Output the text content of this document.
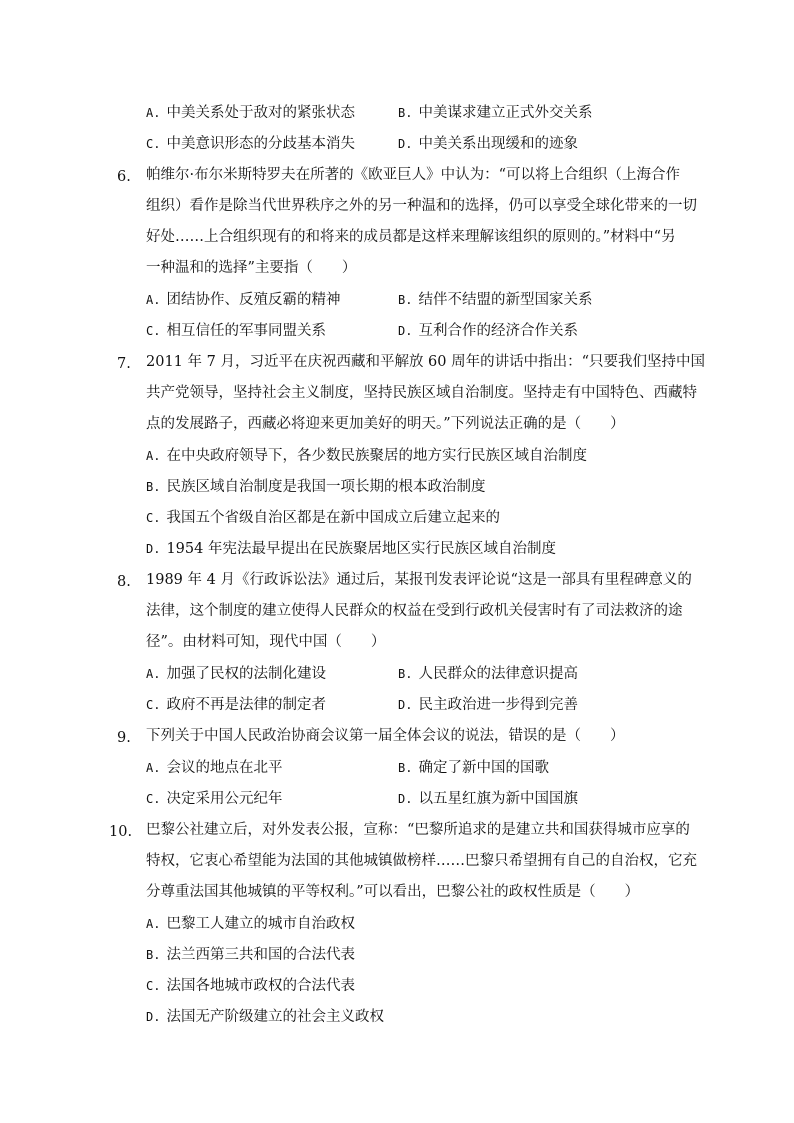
A. 中美关系处于敌对的紧张状态	B. 中美谋求建立正式外交关系
C. 中美意识形态的分歧基本消失	D. 中美关系出现缓和的迹象
6. 帕维尔·布尔米斯特罗夫在所著的《欧亚巨人》中认为：“可以将上合组织（上海合作
组织）看作是除当代世界秩序之外的另一种温和的选择，仍可以享受全球化带来的一切
好处……上合组织现有的和将来的成员都是这样来理解该组织的原则的。”材料中“另
一种温和的选择”主要指（　　）
A. 团结协作、反殖反霸的精神	B. 结伴不结盟的新型国家关系
C. 相互信任的军事同盟关系	D. 互利合作的经济合作关系
7. 2011 年 7 月，习近平在庆祝西藏和平解放 60 周年的讲话中指出：“只要我们坚持中国
共产党领导，坚持社会主义制度，坚持民族区域自治制度。坚持走有中国特色、西藏特
点的发展路子，西藏必将迎来更加美好的明天。”下列说法正确的是（　　）
A. 在中央政府领导下，各少数民族聚居的地方实行民族区域自治制度
B. 民族区域自治制度是我国一项长期的根本政治制度
C. 我国五个省级自治区都是在新中国成立后建立起来的
D. 1954 年宪法最早提出在民族聚居地区实行民族区域自治制度
8. 1989 年 4 月《行政诉讼法》通过后，某报刊发表评论说“这是一部具有里程碑意义的
法律，这个制度的建立使得人民群众的权益在受到行政机关侵害时有了司法救济的途
径”。由材料可知，现代中国（　　）
A. 加强了民权的法制化建设	B. 人民群众的法律意识提高
C. 政府不再是法律的制定者	D. 民主政治进一步得到完善
9. 下列关于中国人民政治协商会议第一届全体会议的说法，错误的是（　　）
A. 会议的地点在北平	B. 确定了新中国的国歌
C. 决定采用公元纪年	D. 以五星红旗为新中国国旗
10. 巴黎公社建立后，对外发表公报，宣称：“巴黎所追求的是建立共和国获得城市应享的
特权，它衷心希望能为法国的其他城镇做榜样……巴黎只希望拥有自己的自治权，它充
分尊重法国其他城镇的平等权利。”可以看出，巴黎公社的政权性质是（　　）
A. 巴黎工人建立的城市自治政权
B. 法兰西第三共和国的合法代表
C. 法国各地城市政权的合法代表
D. 法国无产阶级建立的社会主义政权
